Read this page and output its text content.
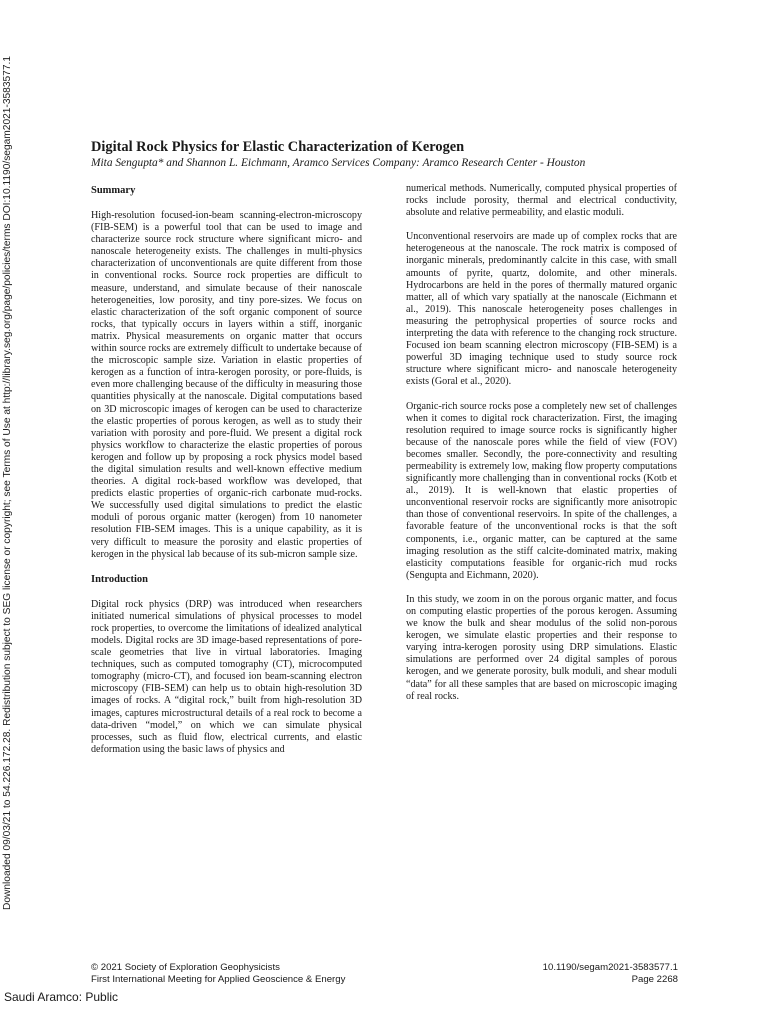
Downloaded 09/03/21 to 54.226.172.28. Redistribution subject to SEG license or copyright; see Terms of Use at http://library.seg.org/page/policies/terms DOI:10.1190/segam2021-3583577.1	Digital Rock Physics for Elastic Characterization of Kerogen
Mita Sengupta* and Shannon L. Eichmann, Aramco Services Company: Aramco Research Center - Houston
Summary

High-resolution focused-ion-beam scanning-electron-microscopy (FIB-SEM) is a powerful tool that can be used to image and characterize source rock structure where significant micro- and nanoscale heterogeneity exists. The challenges in multi-physics characterization of unconventionals are quite different from those in conventional rocks. Source rock properties are difficult to measure, understand, and simulate because of their nanoscale heterogeneities, low porosity, and tiny pore-sizes. We focus on elastic characterization of the soft organic component of source rocks, that typically occurs in layers within a stiff, inorganic matrix. Physical measurements on organic matter that occurs within source rocks are extremely difficult to undertake because of the microscopic sample size. Variation in elastic properties of kerogen as a function of intra-kerogen porosity, or pore-fluids, is even more challenging because of the difficulty in measuring those quantities physically at the nanoscale. Digital computations based on 3D microscopic images of kerogen can be used to characterize the elastic properties of porous kerogen, as well as to study their variation with porosity and pore-fluid. We present a digital rock physics workflow to characterize the elastic properties of porous kerogen and follow up by proposing a rock physics model based the digital simulation results and well-known effective medium theories. A digital rock-based workflow was developed, that predicts elastic properties of organic-rich carbonate mud-rocks. We successfully used digital simulations to predict the elastic moduli of porous organic matter (kerogen) from 10 nanometer resolution FIB-SEM images. This is a unique capability, as it is very difficult to measure the porosity and elastic properties of kerogen in the physical lab because of its sub-micron sample size.

Introduction

Digital rock physics (DRP) was introduced when researchers initiated numerical simulations of physical processes to model rock properties, to overcome the limitations of idealized analytical models. Digital rocks are 3D image-based representations of pore-scale geometries that live in virtual laboratories. Imaging techniques, such as computed tomography (CT), microcomputed tomography (micro-CT), and focused ion beam-scanning electron microscopy (FIB-SEM) can help us to obtain high-resolution 3D images of rocks. A “digital rock,” built from high-resolution 3D images, captures microstructural details of a real rock to become a data-driven “model,” on which we can simulate physical processes, such as fluid flow, electrical currents, and elastic deformation using the basic laws of physics and

numerical methods. Numerically, computed physical properties of rocks include porosity, thermal and electrical conductivity, absolute and relative permeability, and elastic moduli.

Unconventional reservoirs are made up of complex rocks that are heterogeneous at the nanoscale. The rock matrix is composed of inorganic minerals, predominantly calcite in this case, with small amounts of pyrite, quartz, dolomite, and other minerals. Hydrocarbons are held in the pores of thermally matured organic matter, all of which vary spatially at the nanoscale (Eichmann et al., 2019). This nanoscale heterogeneity poses challenges in measuring the petrophysical properties of source rocks and interpreting the data with reference to the changing rock structure. Focused ion beam scanning electron microscopy (FIB-SEM) is a powerful 3D imaging technique used to study source rock structure where significant micro- and nanoscale heterogeneity exists (Goral et al., 2020).

Organic-rich source rocks pose a completely new set of challenges when it comes to digital rock characterization. First, the imaging resolution required to image source rocks is significantly higher because of the nanoscale pores while the field of view (FOV) becomes smaller. Secondly, the pore-connectivity and resulting permeability is extremely low, making flow property computations significantly more challenging than in conventional rocks (Kotb et al., 2019). It is well-known that elastic properties of unconventional reservoir rocks are significantly more anisotropic than those of conventional reservoirs. In spite of the challenges, a favorable feature of the unconventional rocks is that the soft components, i.e., organic matter, can be captured at the same imaging resolution as the stiff calcite-dominated matrix, making elasticity computations feasible for organic-rich mud rocks (Sengupta and Eichmann, 2020).

In this study, we zoom in on the porous organic matter, and focus on computing elastic properties of the porous kerogen. Assuming we know the bulk and shear modulus of the solid non-porous kerogen, we simulate elastic properties and their response to varying intra-kerogen porosity using DRP simulations. Elastic simulations are performed over 24 digital samples of porous kerogen, and we generate porosity, bulk moduli, and shear moduli “data” for all these samples that are based on microscopic imaging of real rocks.

© 2021 Society of Exploration Geophysicists
First International Meeting for Applied Geoscience & Energy
10.1190/segam2021-3583577.1
Page 2268
Saudi Aramco: Public
